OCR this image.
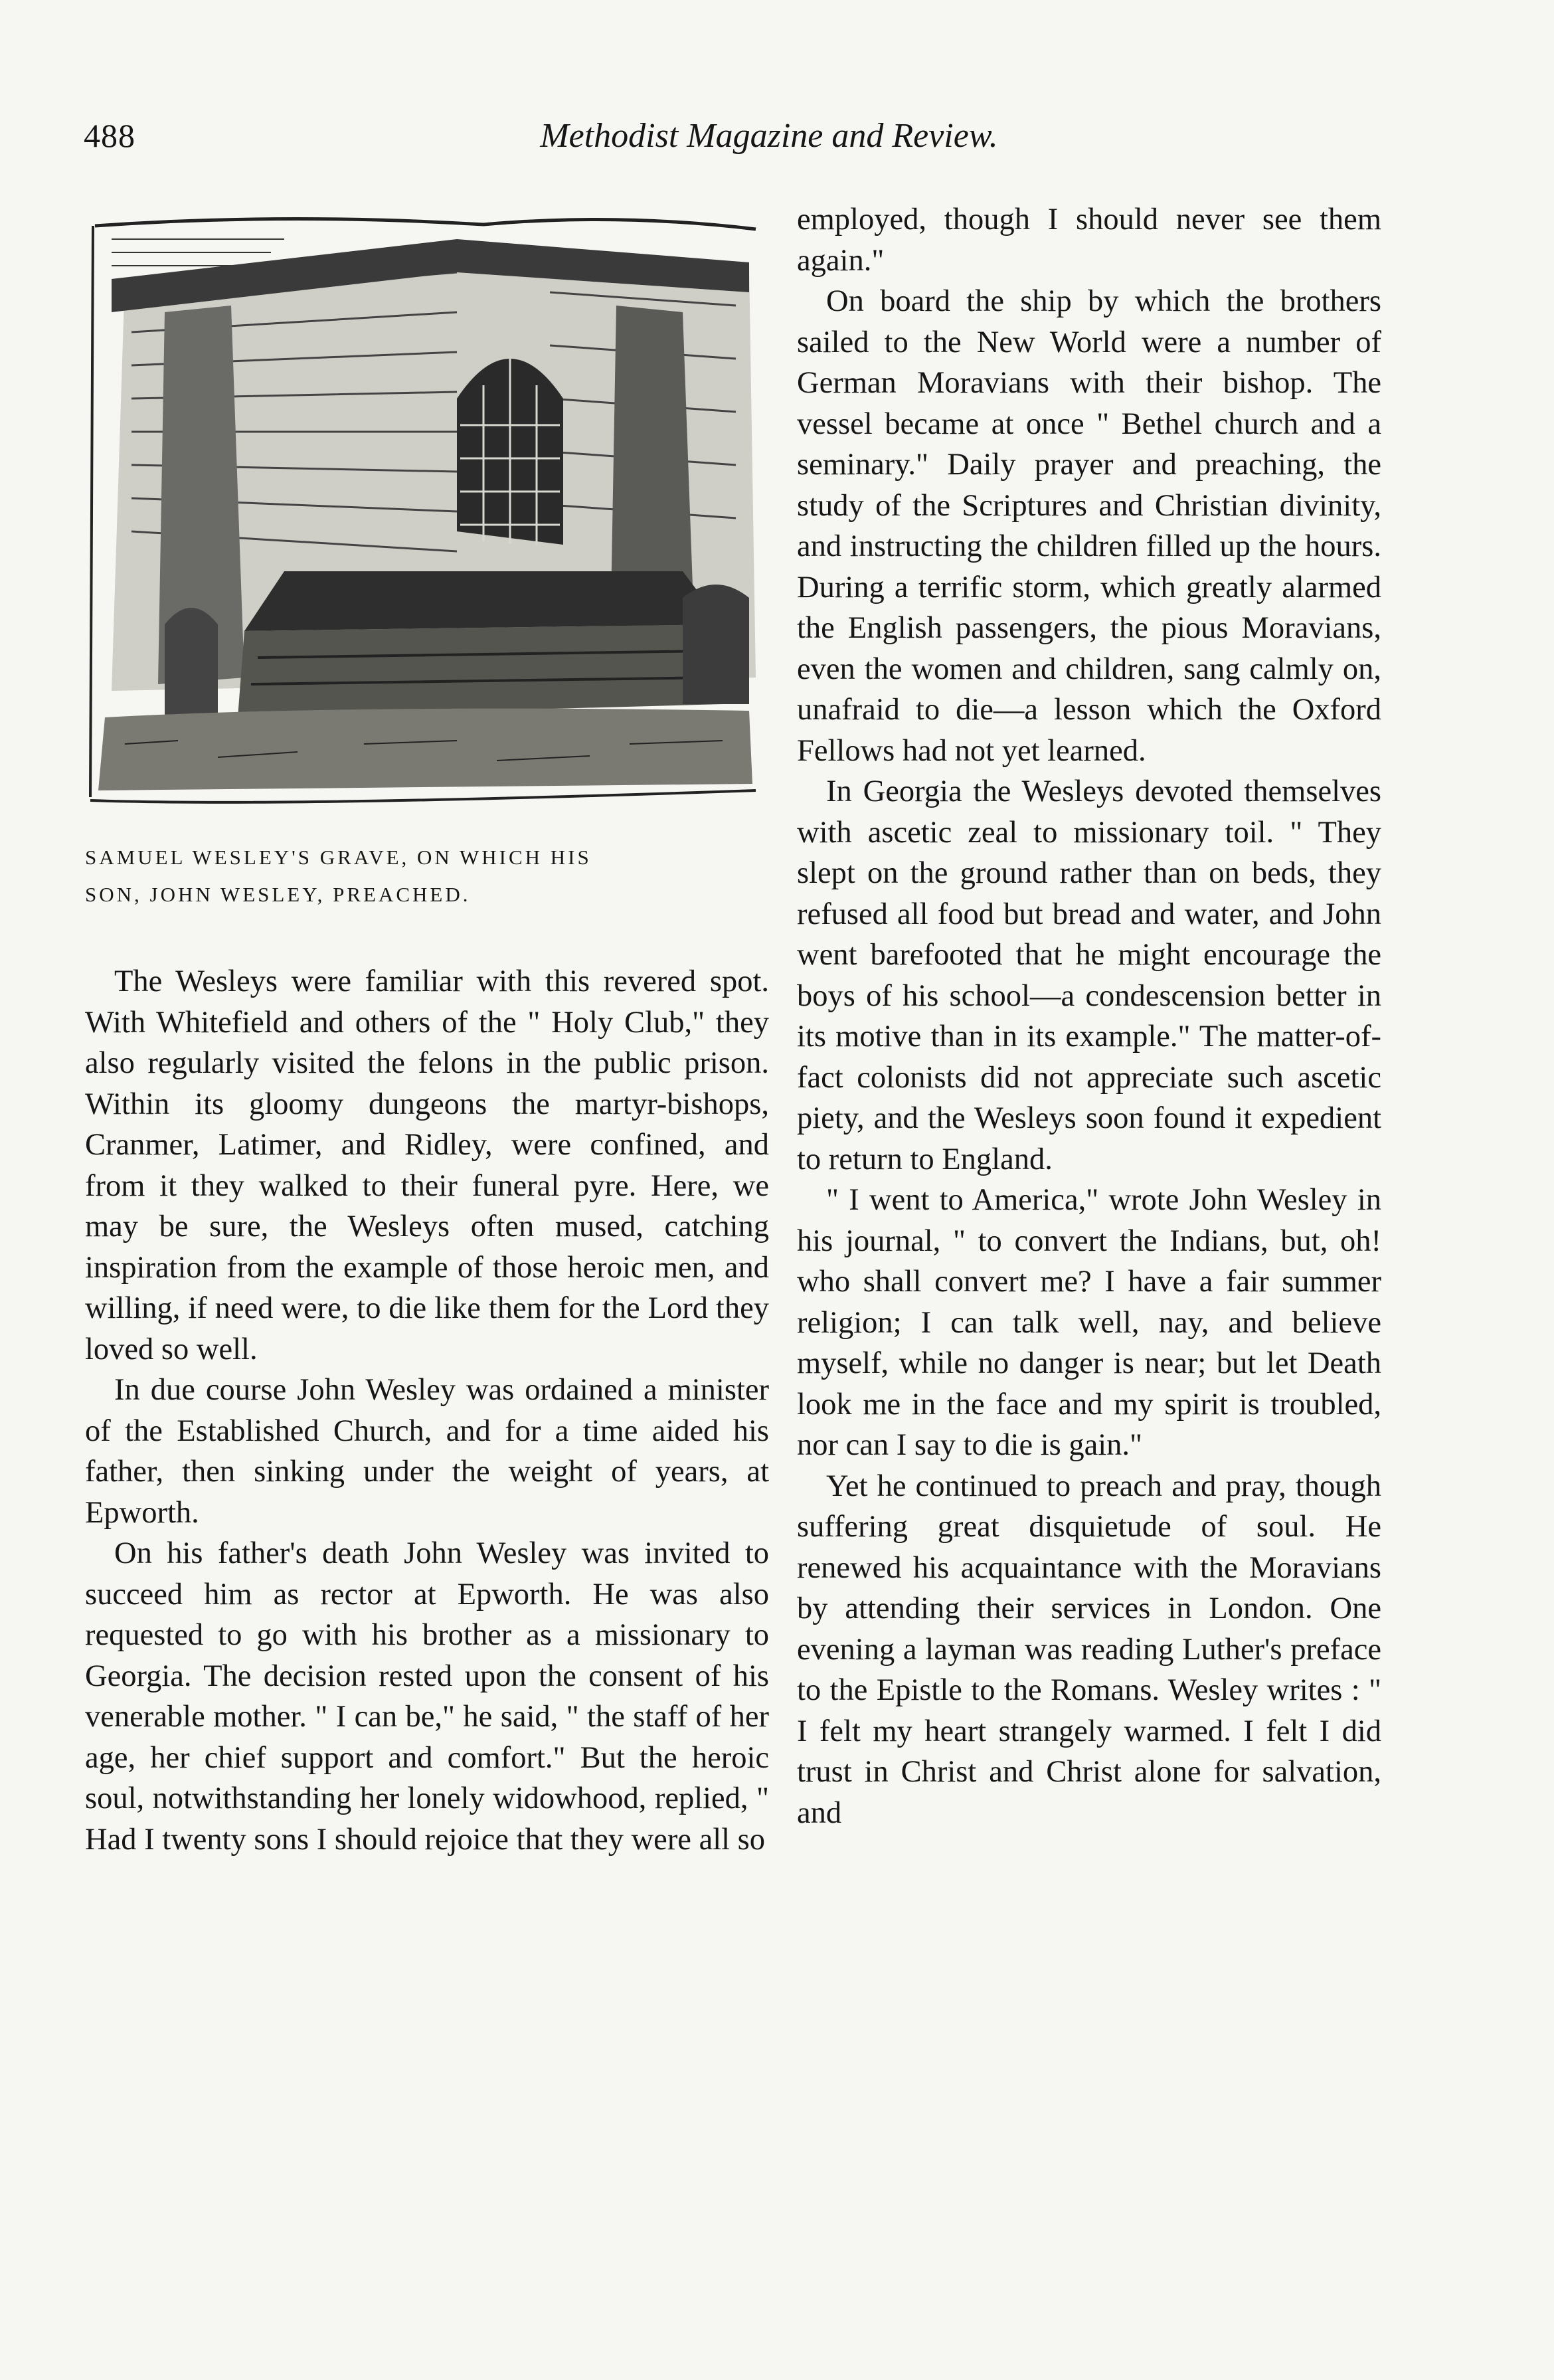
488	Methodist Magazine and Review.
SAMUEL WESLEY'S GRAVE, ON WHICH HIS
SON, JOHN WESLEY, PREACHED.

The Wesleys were familiar with this revered spot. With Whitefield and others of the " Holy Club," they also regularly visited the felons in the public prison. Within its gloomy dungeons the martyr-bishops, Cranmer, Latimer, and Ridley, were confined, and from it they walked to their funeral pyre. Here, we may be sure, the Wesleys often mused, catching inspiration from the example of those heroic men, and willing, if need were, to die like them for the Lord they loved so well.

In due course John Wesley was ordained a minister of the Established Church, and for a time aided his father, then sinking under the weight of years, at Epworth.

On his father's death John Wesley was invited to succeed him as rector at Epworth. He was also requested to go with his brother as a missionary to Georgia. The decision rested upon the consent of his venerable mother. " I can be," he said, " the staff of her age, her chief support and comfort." But the heroic soul, notwithstanding her lonely widowhood, replied, " Had I twenty sons I should rejoice that they were all so

employed, though I should never see them again."

On board the ship by which the brothers sailed to the New World were a number of German Moravians with their bishop. The vessel became at once " Bethel church and a seminary." Daily prayer and preaching, the study of the Scriptures and Christian divinity, and instructing the children filled up the hours. During a terrific storm, which greatly alarmed the English passengers, the pious Moravians, even the women and children, sang calmly on, unafraid to die—a lesson which the Oxford Fellows had not yet learned.

In Georgia the Wesleys devoted themselves with ascetic zeal to missionary toil. " They slept on the ground rather than on beds, they refused all food but bread and water, and John went barefooted that he might encourage the boys of his school—a condescension better in its motive than in its example." The matter-of-fact colonists did not appreciate such ascetic piety, and the Wesleys soon found it expedient to return to England.

" I went to America," wrote John Wesley in his journal, " to convert the Indians, but, oh! who shall convert me? I have a fair summer religion; I can talk well, nay, and believe myself, while no danger is near; but let Death look me in the face and my spirit is troubled, nor can I say to die is gain."

Yet he continued to preach and pray, though suffering great disquietude of soul. He renewed his acquaintance with the Moravians by attending their services in London. One evening a layman was reading Luther's preface to the Epistle to the Romans. Wesley writes : " I felt my heart strangely warmed. I felt I did trust in Christ and Christ alone for salvation, and
